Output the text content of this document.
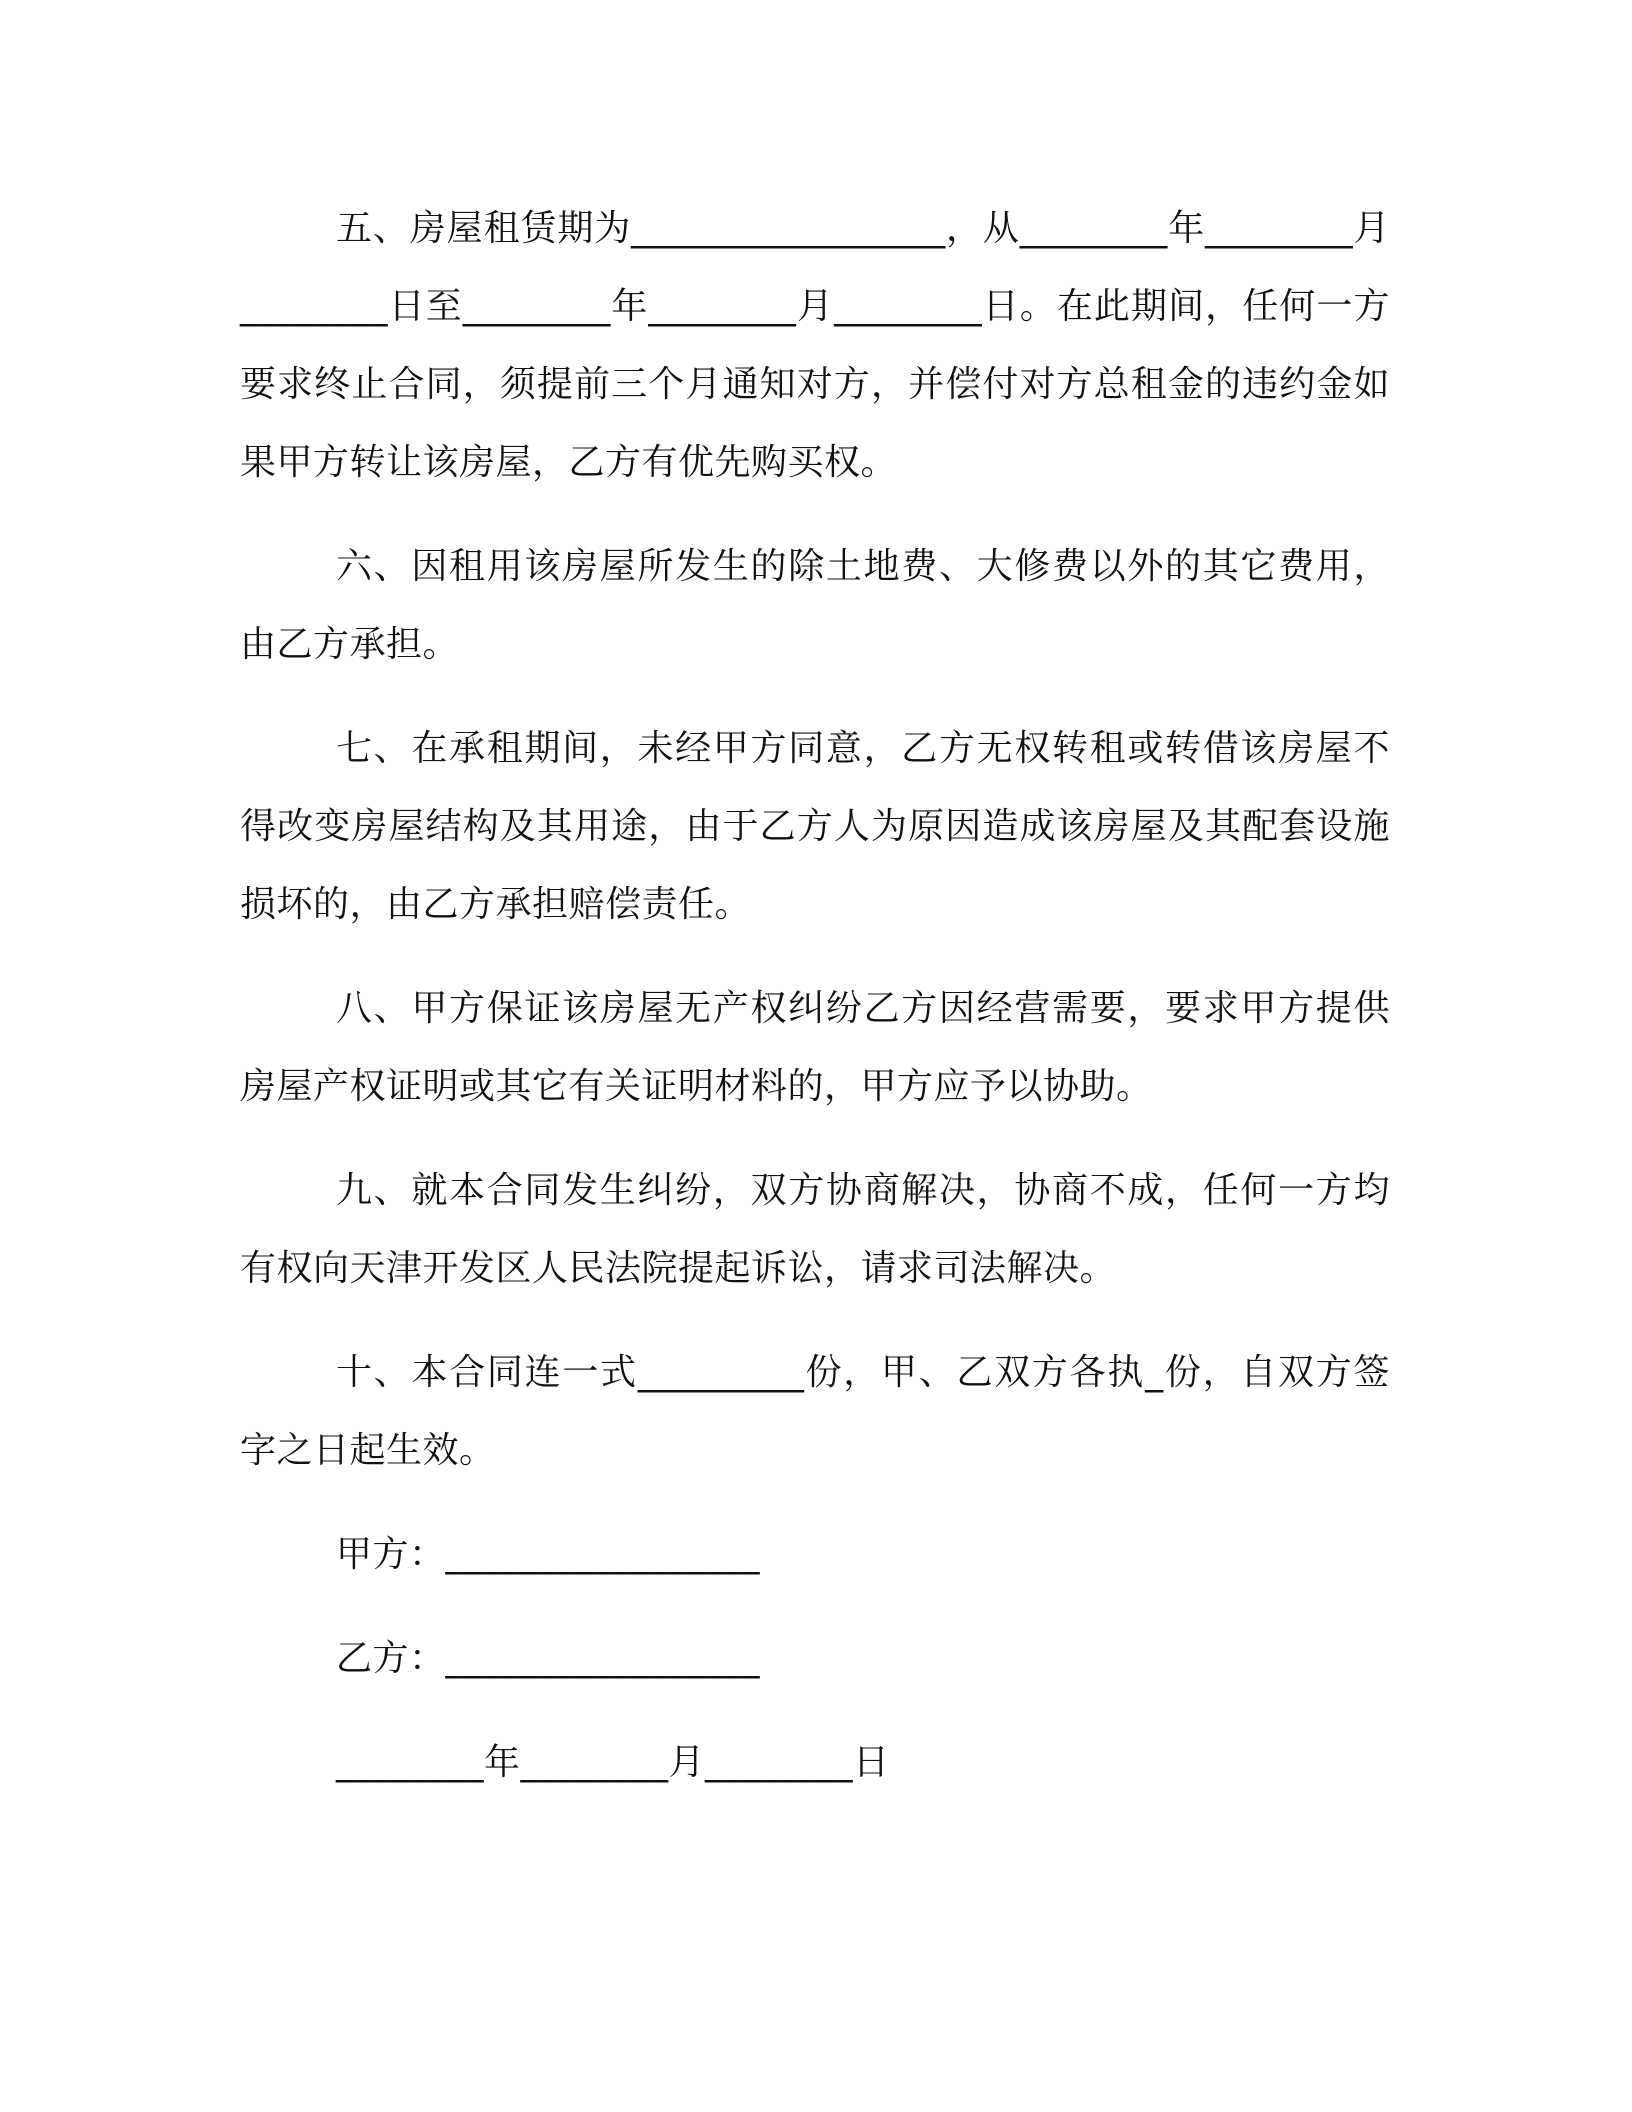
五、房屋租赁期为_________________，从________年________月________日至________年________月________日。在此期间，任何一方要求终止合同，须提前三个月通知对方，并偿付对方总租金的违约金如果甲方转让该房屋，乙方有优先购买权。

六、因租用该房屋所发生的除土地费、大修费以外的其它费用，由乙方承担。

七、在承租期间，未经甲方同意，乙方无权转租或转借该房屋不得改变房屋结构及其用途，由于乙方人为原因造成该房屋及其配套设施损坏的，由乙方承担赔偿责任。

八、甲方保证该房屋无产权纠纷乙方因经营需要，要求甲方提供房屋产权证明或其它有关证明材料的，甲方应予以协助。

九、就本合同发生纠纷，双方协商解决，协商不成，任何一方均有权向天津开发区人民法院提起诉讼，请求司法解决。

十、本合同连一式_________份，甲、乙双方各执_份，自双方签字之日起生效。

甲方：_________________
乙方：_________________
________年________月________日
